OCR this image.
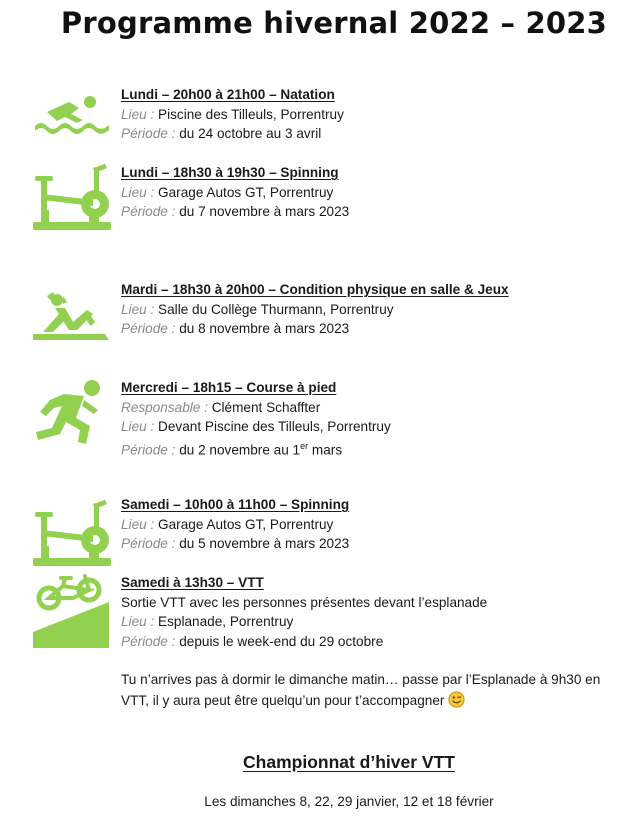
Programme hivernal 2022 – 2023
Lundi – 20h00 à 21h00 – Natation
Lieu : Piscine des Tilleuls, Porrentruy
Période : du 24 octobre au 3 avril
Lundi – 18h30 à 19h30 – Spinning
Lieu : Garage Autos GT, Porrentruy
Période : du 7 novembre à mars 2023
Mardi – 18h30 à 20h00 – Condition physique en salle & Jeux
Lieu : Salle du Collège Thurmann, Porrentruy
Période : du 8 novembre à mars 2023
Mercredi – 18h15 – Course à pied
Responsable : Clément Schaffter
Lieu : Devant Piscine des Tilleuls, Porrentruy
Période : du 2 novembre au 1er mars
Samedi – 10h00 à 11h00 – Spinning
Lieu : Garage Autos GT, Porrentruy
Période : du 5 novembre à mars 2023
Samedi à 13h30 – VTT
Sortie VTT avec les personnes présentes devant l’esplanade
Lieu : Esplanade, Porrentruy
Période : depuis le week-end du 29 octobre
Tu n’arrives pas à dormir le dimanche matin… passe par l’Esplanade à 9h30 en VTT, il y aura peut être quelqu’un pour t’accompagner
Championnat d’hiver VTT
Les dimanches 8, 22, 29 janvier, 12 et 18 février
